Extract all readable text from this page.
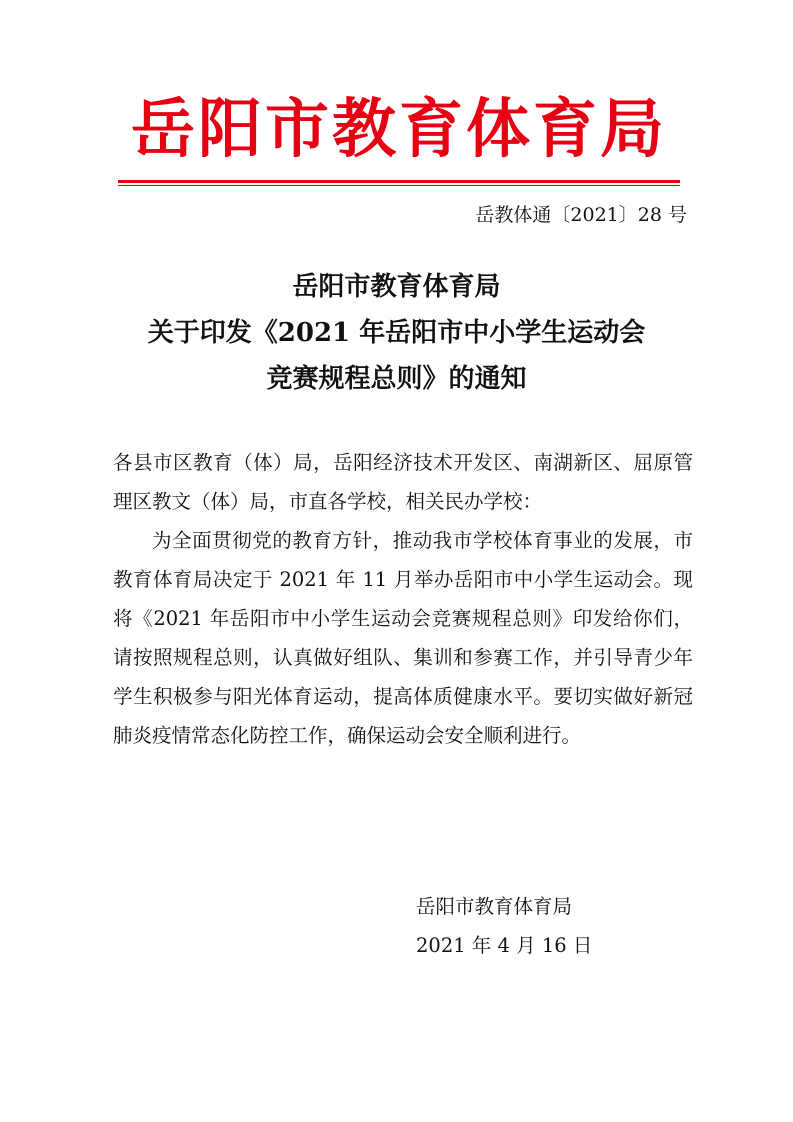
岳阳市教育体育局
岳教体通〔2021〕28 号
岳阳市教育体育局
关于印发《2021 年岳阳市中小学生运动会
竞赛规程总则》的通知

各县市区教育（体）局，岳阳经济技术开发区、南湖新区、屈原管理区教文（体）局，市直各学校，相关民办学校：

为全面贯彻党的教育方针，推动我市学校体育事业的发展，市教育体育局决定于 2021 年 11 月举办岳阳市中小学生运动会。现将《2021 年岳阳市中小学生运动会竞赛规程总则》印发给你们，请按照规程总则，认真做好组队、集训和参赛工作，并引导青少年学生积极参与阳光体育运动，提高体质健康水平。要切实做好新冠肺炎疫情常态化防控工作，确保运动会安全顺利进行。

岳阳市教育体育局
2021 年 4 月 16 日
